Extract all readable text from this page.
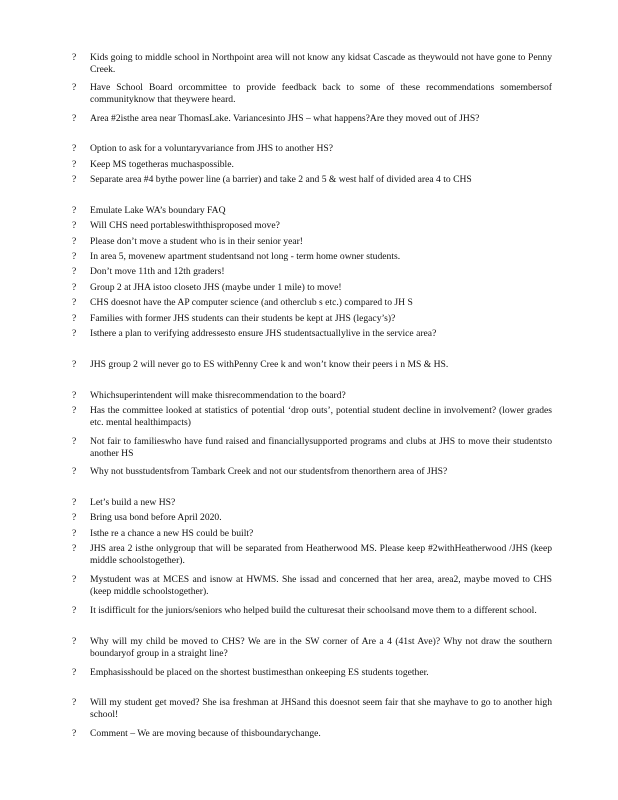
?	Kids going to middle school in Northpoint area will not know any kidsat Cascade as theywould not have gone to Penny Creek.
?	Have School Board orcommittee to provide feedback back to some of these recommendations somembersof communityknow that theywere heard.
?	Area #2isthe area near ThomasLake. Variancesinto JHS – what happens?Are they moved out of JHS?
?	Option to ask for a voluntaryvariance from JHS to another HS?
?	Keep MS togetheras muchaspossible.
?	Separate area #4 bythe power line (a barrier) and take 2 and 5 & west half of divided area 4 to CHS
?	Emulate Lake WA’s boundary FAQ
?	Will CHS need portableswiththisproposed move?
?	Please don’t move a student who is in their senior year!
?	In area 5, movenew apartment studentsand not long - term home owner students.
?	Don’t move 11th and 12th graders!
?	Group 2 at JHA istoo closeto JHS (maybe under 1 mile) to move!
?	CHS doesnot have the AP computer science (and otherclub s etc.) compared to JH S
?	Families with former JHS students can their students be kept at JHS (legacy’s)?
?	Isthere a plan to verifying addressesto ensure JHS studentsactuallylive in the service area?
?	JHS group 2 will never go to ES withPenny Cree k and won’t know their peers i n MS & HS.
?	Whichsuperintendent will make thisrecommendation to the board?
?	Has the committee looked at statistics of potential ‘drop outs’, potential student decline in involvement? (lower grades etc. mental healthimpacts)
?	Not fair to familieswho have fund raised and financiallysupported programs and clubs at JHS to move their studentsto another HS
?	Why not busstudentsfrom Tambark Creek and not our studentsfrom thenorthern area of JHS?
?	Let’s build a new HS?
?	Bring usa bond before April 2020.
?	Isthe re a chance a new HS could be built?
?	JHS area 2 isthe onlygroup that will be separated from Heatherwood MS. Please keep #2withHeatherwood /JHS (keep middle schoolstogether).
?	Mystudent was at MCES and isnow at HWMS. She issad and concerned that her area, area2, maybe moved to CHS (keep middle schoolstogether).
?	It isdifficult for the juniors/seniors who helped build the culturesat their schoolsand move them to a different school.
?	Why will my child be moved to CHS? We are in the SW corner of Are a 4 (41st Ave)? Why not draw the southern boundaryof group in a straight line?
?	Emphasisshould be placed on the shortest bustimesthan onkeeping ES students together.
?	Will my student get moved? She isa freshman at JHSand this doesnot seem fair that she mayhave to go to another high school!
?	Comment – We are moving because of thisboundarychange.
